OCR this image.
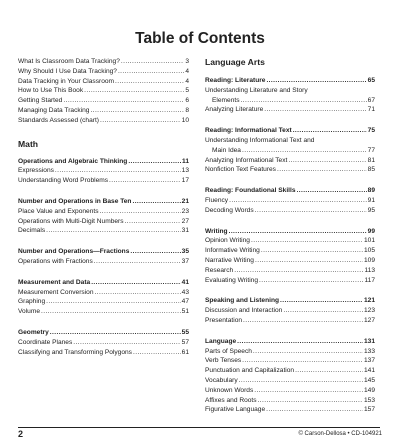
Table of Contents
What Is Classroom Data Tracking? .....	3
Why Should I Use Data Tracking? .....	4
Data Tracking in Your Classroom .....	4
How to Use This Book .....	5
Getting Started .....	6
Managing Data Tracking .....	8
Standards Assessed (chart) .....	10
Math
Operations and Algebraic Thinking .....	11
Expressions .....	13
Understanding Word Problems .....	17
Number and Operations in Base Ten .....	21
Place Value and Exponents .....	23
Operations with Multi-Digit Numbers .....	27
Decimals .....	31
Number and Operations—Fractions .....	35
Operations with Fractions .....	37
Measurement and Data .....	41
Measurement Conversion .....	43
Graphing .....	47
Volume .....	51
Geometry .....	55
Coordinate Planes .....	57
Classifying and Transforming Polygons .....	61
Language Arts
Reading: Literature .....	65
Understanding Literature and Story
Elements .....	67
Analyzing Literature .....	71
Reading: Informational Text .....	75
Understanding Informational Text and
Main Idea .....	77
Analyzing Informational Text .....	81
Nonfiction Text Features .....	85
Reading: Foundational Skills .....	89
Fluency .....	91
Decoding Words .....	95
Writing .....	99
Opinion Writing .....	101
Informative Writing .....	105
Narrative Writing .....	109
Research .....	113
Evaluating Writing .....	117
Speaking and Listening .....	121
Discussion and Interaction .....	123
Presentation .....	127
Language .....	131
Parts of Speech .....	133
Verb Tenses .....	137
Punctuation and Capitalization .....	141
Vocabulary .....	145
Unknown Words .....	149
Affixes and Roots .....	153
Figurative Language .....	157
2	© Carson-Dellosa • CD-104921
